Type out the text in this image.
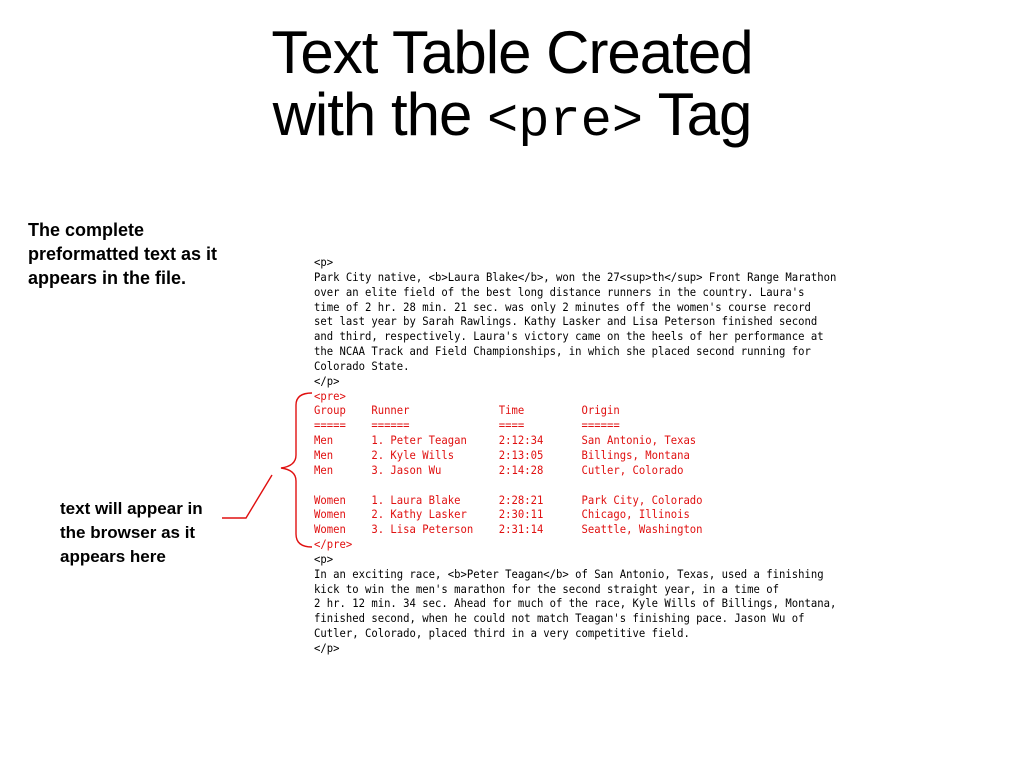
Text Table Created
with the <pre> Tag
The complete preformatted text as it appears in the file.
text will appear in the browser as it appears here
<p>
Park City native, <b>Laura Blake</b>, won the 27<sup>th</sup> Front Range Marathon
over an elite field of the best long distance runners in the country. Laura's
time of 2 hr. 28 min. 21 sec. was only 2 minutes off the women's course record
set last year by Sarah Rawlings. Kathy Lasker and Lisa Peterson finished second
and third, respectively. Laura's victory came on the heels of her performance at
the NCAA Track and Field Championships, in which she placed second running for
Colorado State.
</p>
<pre>
Group    Runner              Time         Origin
=====    ======              ====         ======
Men      1. Peter Teagan     2:12:34      San Antonio, Texas
Men      2. Kyle Wills       2:13:05      Billings, Montana
Men      3. Jason Wu         2:14:28      Cutler, Colorado

Women    1. Laura Blake      2:28:21      Park City, Colorado
Women    2. Kathy Lasker     2:30:11      Chicago, Illinois
Women    3. Lisa Peterson    2:31:14      Seattle, Washington
</pre>
<p>
In an exciting race, <b>Peter Teagan</b> of San Antonio, Texas, used a finishing
kick to win the men's marathon for the second straight year, in a time of
2 hr. 12 min. 34 sec. Ahead for much of the race, Kyle Wills of Billings, Montana,
finished second, when he could not match Teagan's finishing pace. Jason Wu of
Cutler, Colorado, placed third in a very competitive field.
</p>
